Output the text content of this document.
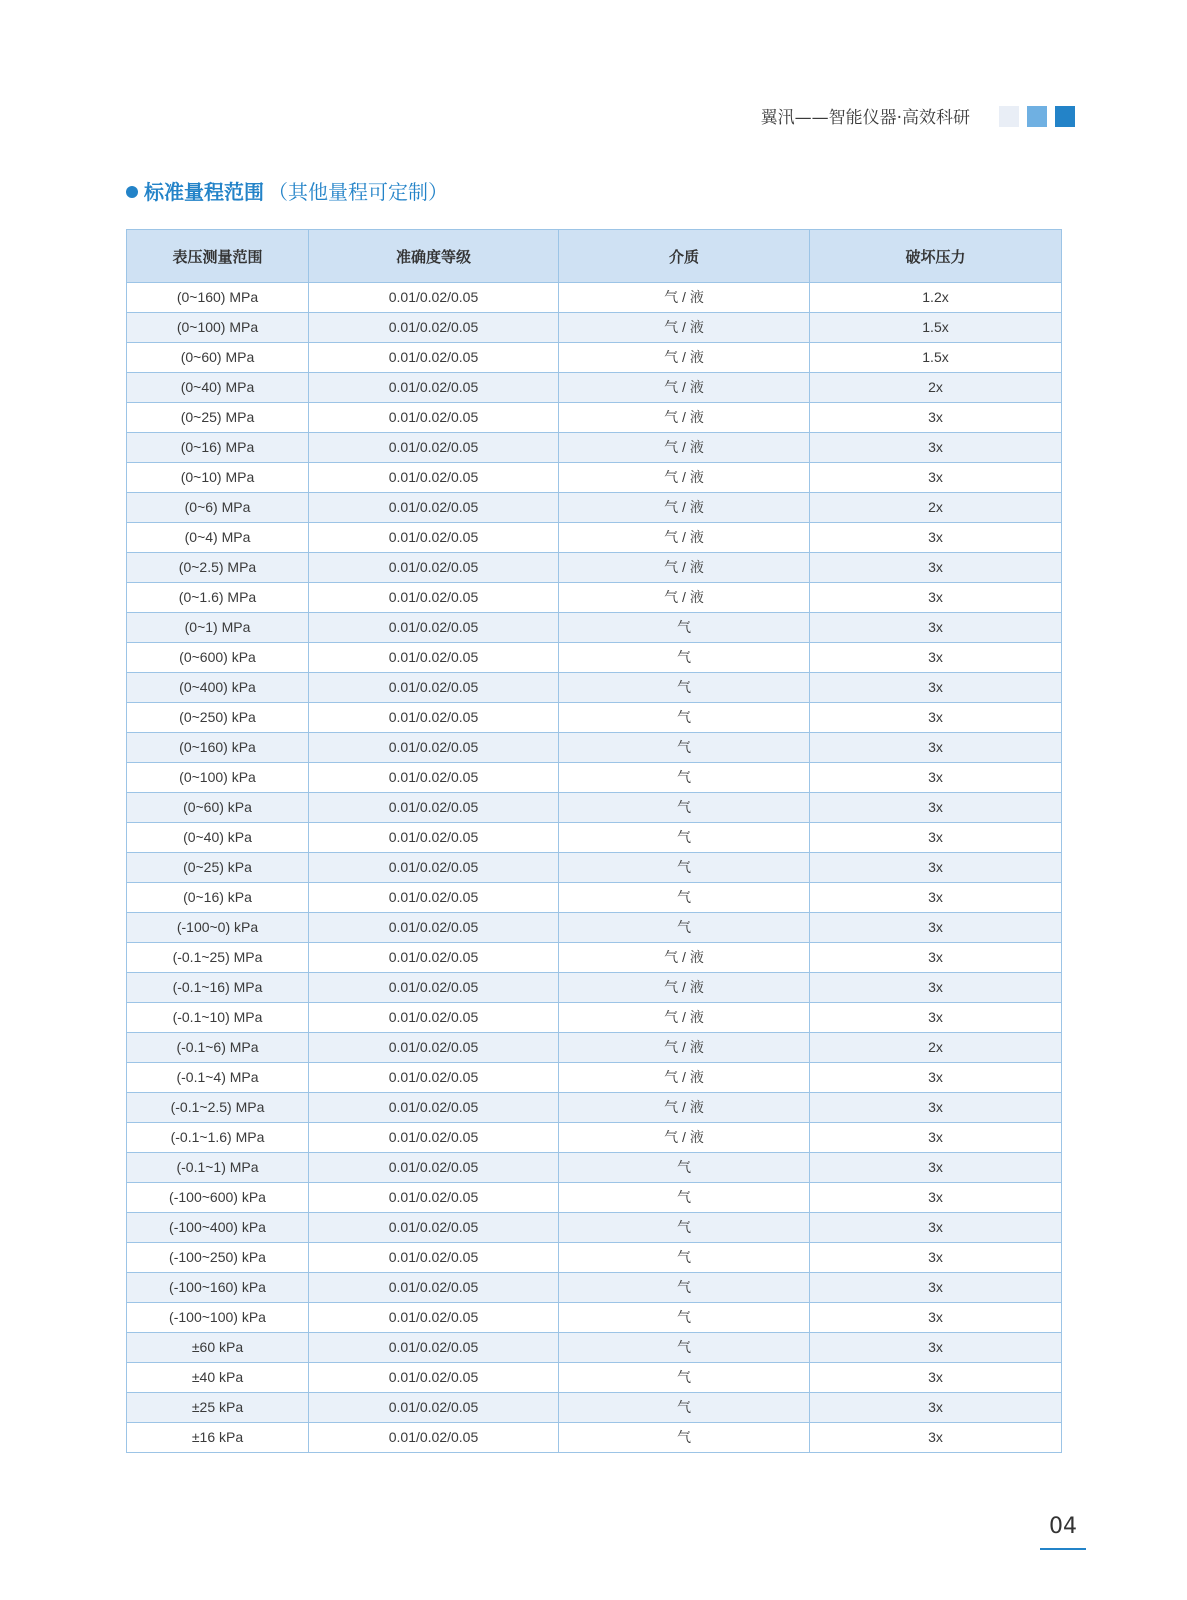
翼汛——智能仪器·高效科研
标准量程范围 （其他量程可定制）
表压测量范围	准确度等级	介质	破坏压力
(0~160) MPa	0.01/0.02/0.05	气 / 液	1.2x
(0~100) MPa	0.01/0.02/0.05	气 / 液	1.5x
(0~60) MPa	0.01/0.02/0.05	气 / 液	1.5x
(0~40) MPa	0.01/0.02/0.05	气 / 液	2x
(0~25) MPa	0.01/0.02/0.05	气 / 液	3x
(0~16) MPa	0.01/0.02/0.05	气 / 液	3x
(0~10) MPa	0.01/0.02/0.05	气 / 液	3x
(0~6) MPa	0.01/0.02/0.05	气 / 液	2x
(0~4) MPa	0.01/0.02/0.05	气 / 液	3x
(0~2.5) MPa	0.01/0.02/0.05	气 / 液	3x
(0~1.6) MPa	0.01/0.02/0.05	气 / 液	3x
(0~1) MPa	0.01/0.02/0.05	气	3x
(0~600) kPa	0.01/0.02/0.05	气	3x
(0~400) kPa	0.01/0.02/0.05	气	3x
(0~250) kPa	0.01/0.02/0.05	气	3x
(0~160) kPa	0.01/0.02/0.05	气	3x
(0~100) kPa	0.01/0.02/0.05	气	3x
(0~60) kPa	0.01/0.02/0.05	气	3x
(0~40) kPa	0.01/0.02/0.05	气	3x
(0~25) kPa	0.01/0.02/0.05	气	3x
(0~16) kPa	0.01/0.02/0.05	气	3x
(-100~0) kPa	0.01/0.02/0.05	气	3x
(-0.1~25) MPa	0.01/0.02/0.05	气 / 液	3x
(-0.1~16) MPa	0.01/0.02/0.05	气 / 液	3x
(-0.1~10) MPa	0.01/0.02/0.05	气 / 液	3x
(-0.1~6) MPa	0.01/0.02/0.05	气 / 液	2x
(-0.1~4) MPa	0.01/0.02/0.05	气 / 液	3x
(-0.1~2.5) MPa	0.01/0.02/0.05	气 / 液	3x
(-0.1~1.6) MPa	0.01/0.02/0.05	气 / 液	3x
(-0.1~1) MPa	0.01/0.02/0.05	气	3x
(-100~600) kPa	0.01/0.02/0.05	气	3x
(-100~400) kPa	0.01/0.02/0.05	气	3x
(-100~250) kPa	0.01/0.02/0.05	气	3x
(-100~160) kPa	0.01/0.02/0.05	气	3x
(-100~100) kPa	0.01/0.02/0.05	气	3x
±60 kPa	0.01/0.02/0.05	气	3x
±40 kPa	0.01/0.02/0.05	气	3x
±25 kPa	0.01/0.02/0.05	气	3x
±16 kPa	0.01/0.02/0.05	气	3x
04
